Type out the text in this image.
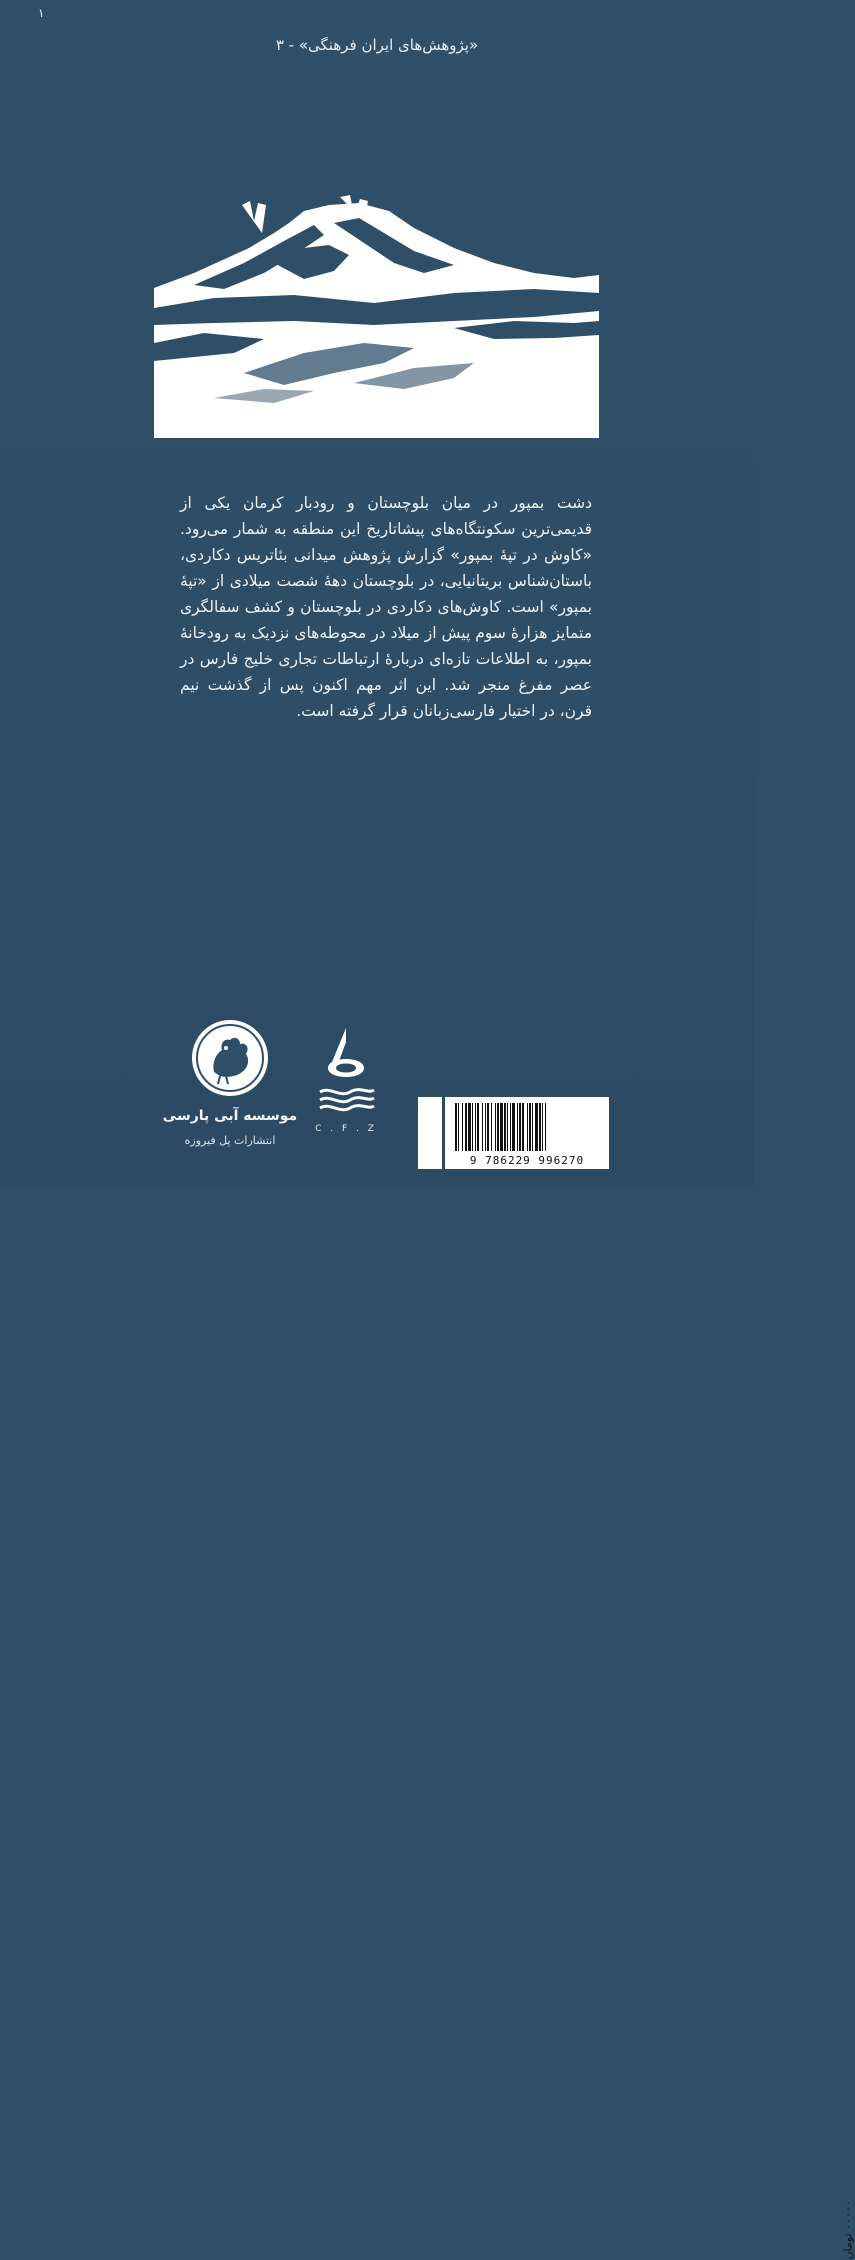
۱
«پژوهش‌های ایران فرهنگی» - ۳

دشت بمپور در میان بلوچستان و رودبار کرمان یکی از قدیمی‌ترین سکونتگاه‌های پیشاتاریخ این منطقه به شمار می‌رود. «کاوش در تپهٔ بمپور» گزارش پژوهش میدانی بئاتریس دکاردی، باستان‌شناس بریتانیایی، در بلوچستان دههٔ شصت میلادی از «تپهٔ بمپور» است. کاوش‌های دکاردی در بلوچستان و کشف سفالگری متمایز هزارهٔ سوم پیش از میلاد در محوطه‌های نزدیک به رودخانهٔ بمپور، به اطلاعات تازه‌ای دربارهٔ ارتباطات تجاری خلیج فارس در عصر مفرغ منجر شد. این اثر مهم اکنون پس از گذشت نیم قرن، در اختیار فارسی‌زبانان قرار گرفته است.

موسسه آبی پارسی
انتشارات پل فیروزه
C . F . Z
۰۰۰۰۰ تومان
9 786229 996270
